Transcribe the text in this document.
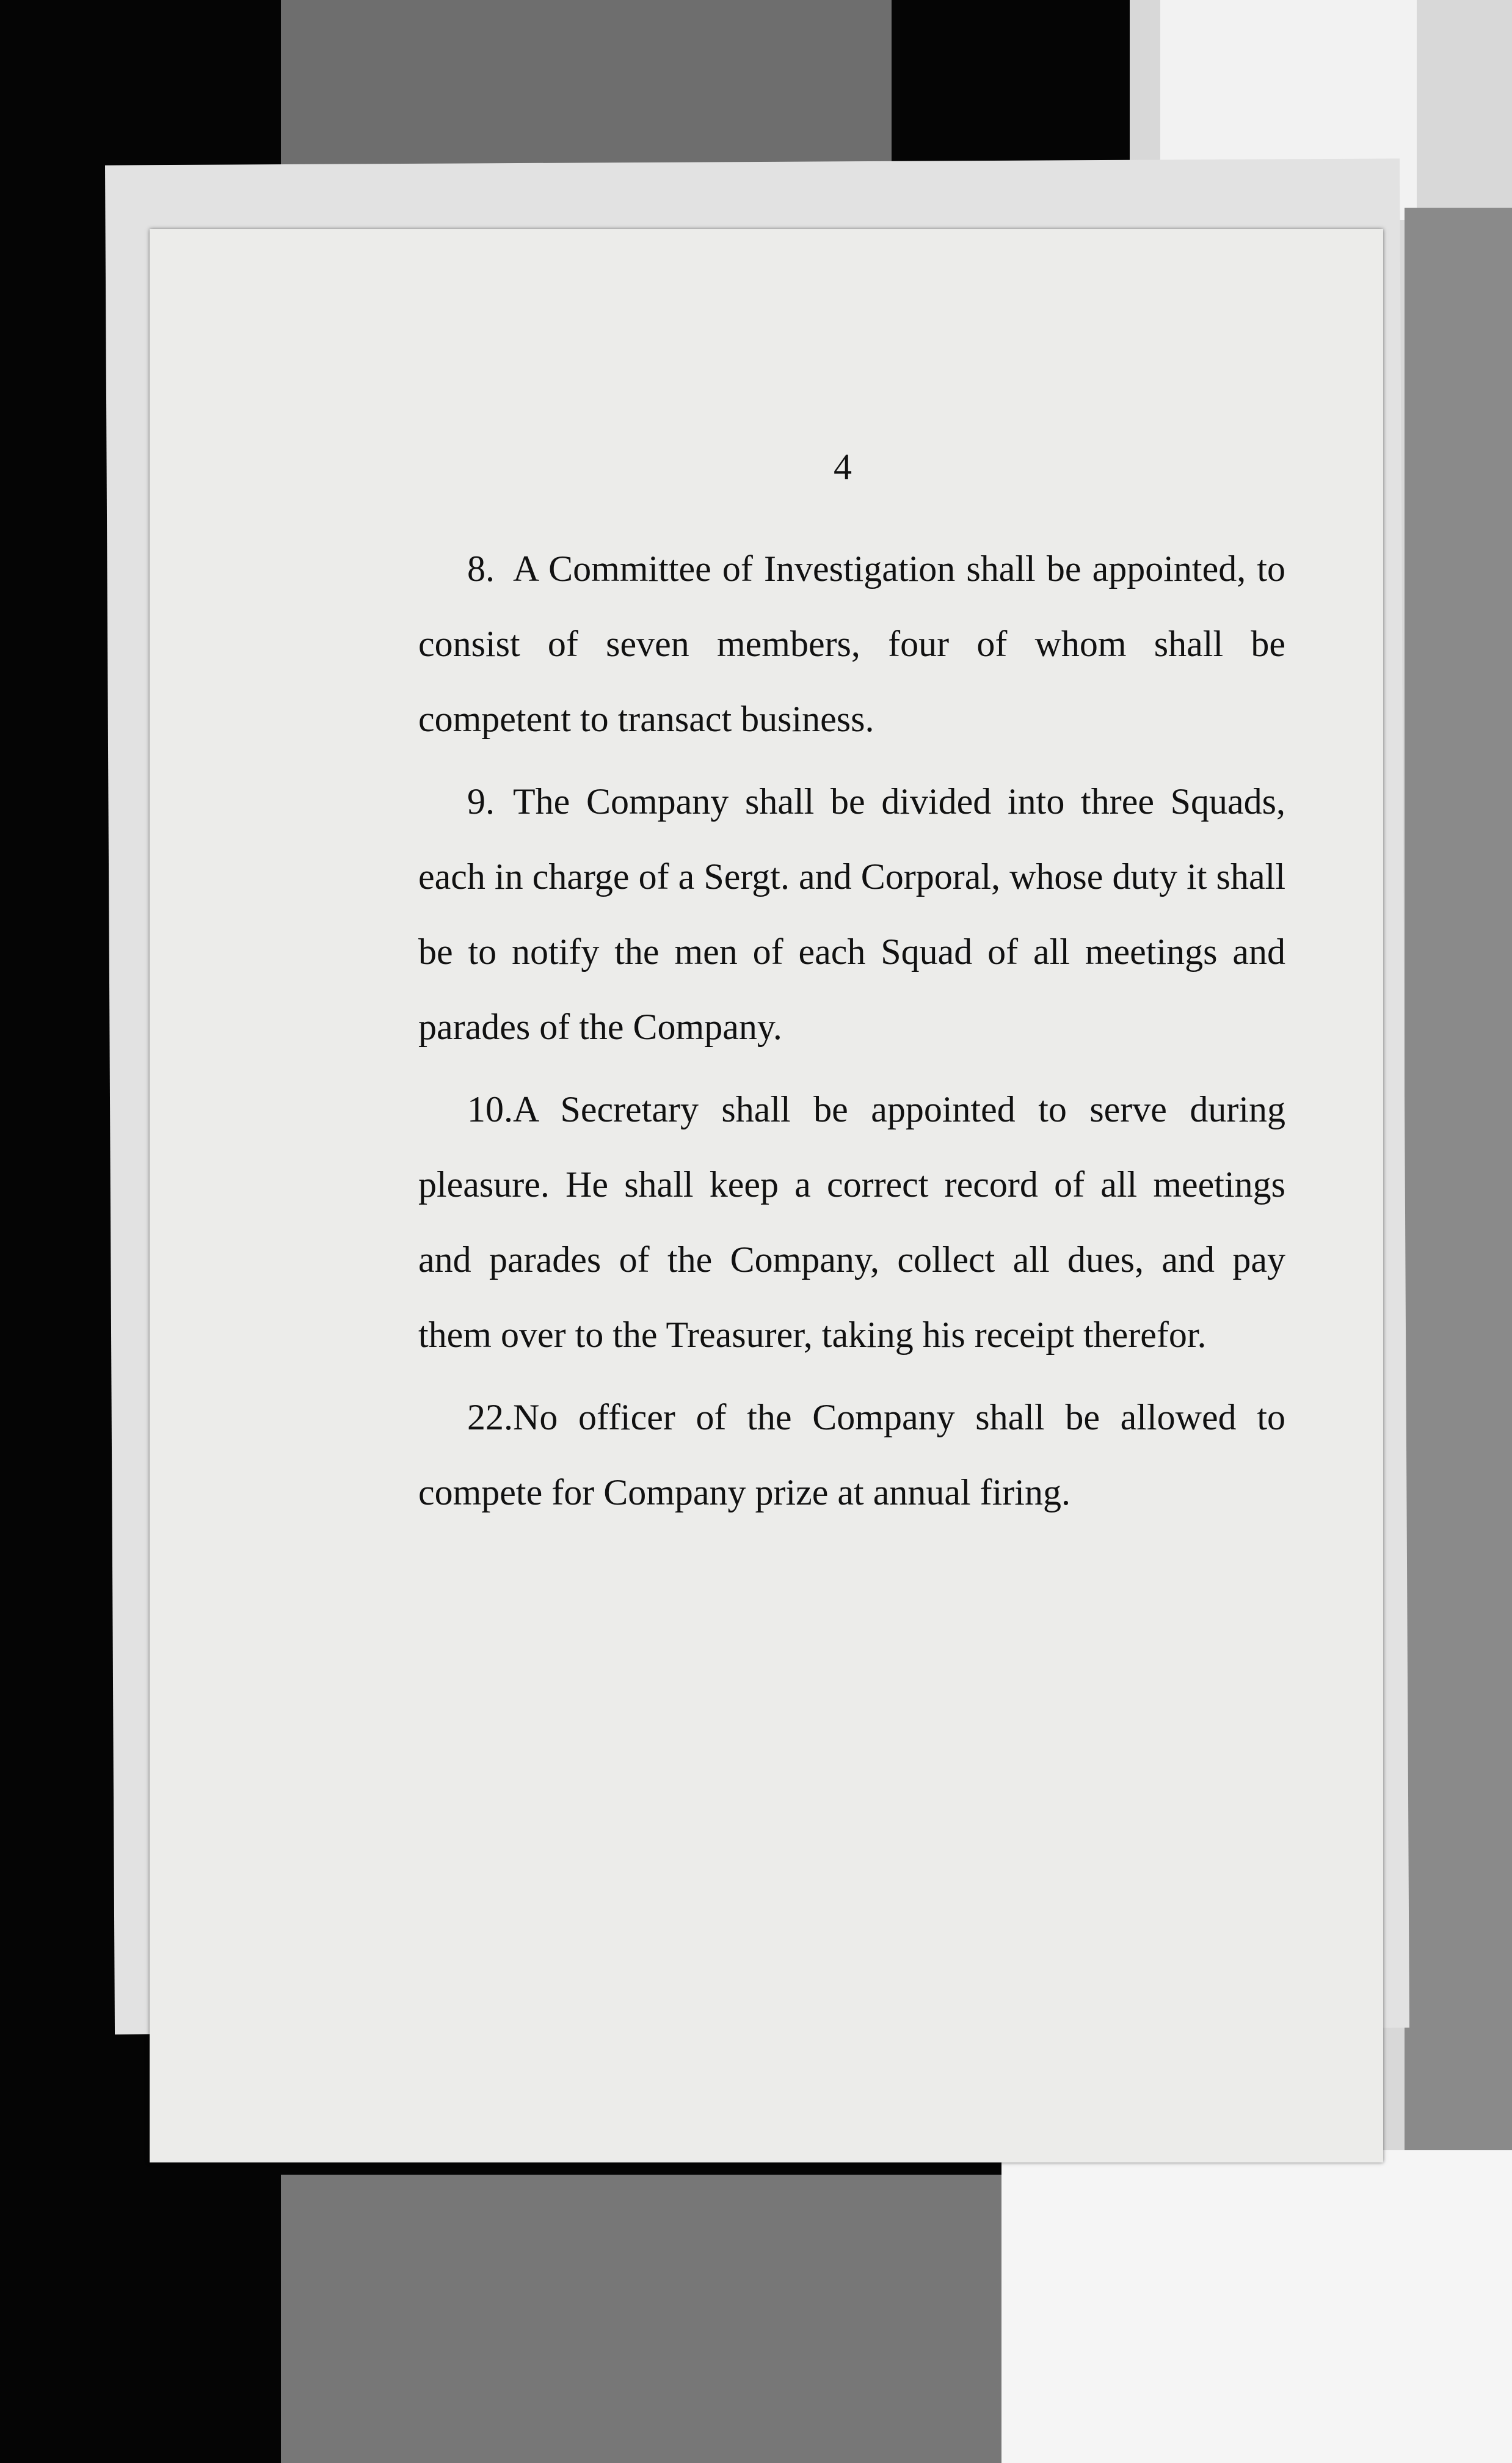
4

8. A Committee of Investigation shall be appointed, to consist of seven members, four of whom shall be competent to transact business.

9. The Company shall be divided into three Squads, each in charge of a Sergt. and Corporal, whose duty it shall be to notify the men of each Squad of all meetings and parades of the Company.

10.A Secretary shall be appointed to serve during pleasure. He shall keep a correct record of all meetings and parades of the Company, collect all dues, and pay them over to the Treasurer, taking his receipt therefor.

22.No officer of the Company shall be allowed to compete for Company prize at annual firing.
